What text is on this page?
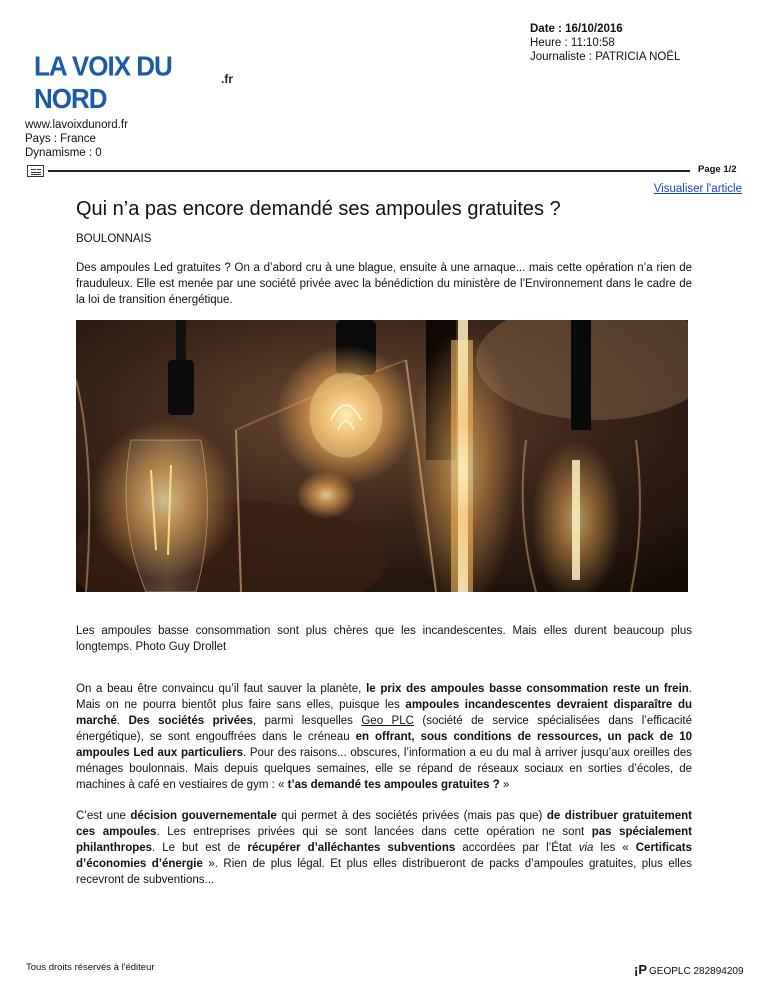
Date : 16/10/2016
Heure : 11:10:58
Journaliste : PATRICIA NOËL
LA VOIX DU NORD
.fr
www.lavoixdunord.fr
Pays : France
Dynamisme : 0
Page 1/2
Visualiser l'article
Qui n’a pas encore demandé ses ampoules gratuites ?
BOULONNAIS
Des ampoules Led gratuites ? On a d’abord cru à une blague, ensuite à une arnaque... mais cette opération n’a rien de frauduleux. Elle est menée par une société privée avec la bénédiction du ministère de l’Environnement dans le cadre de la loi de transition énergétique.
Les ampoules basse consommation sont plus chères que les incandescentes. Mais elles durent beaucoup plus longtemps. Photo Guy Drollet
On a beau être convaincu qu’il faut sauver la planète, le prix des ampoules basse consommation reste un frein. Mais on ne pourra bientôt plus faire sans elles, puisque les ampoules incandescentes devraient disparaître du marché. Des sociétés privées, parmi lesquelles Geo PLC (société de service spécialisées dans l’efficacité énergétique), se sont engouffrées dans le créneau en offrant, sous conditions de ressources, un pack de 10 ampoules Led aux particuliers. Pour des raisons... obscures, l’information a eu du mal à arriver jusqu’aux oreilles des ménages boulonnais. Mais depuis quelques semaines, elle se répand de réseaux sociaux en sorties d’écoles, de machines à café en vestiaires de gym : « t’as demandé tes ampoules gratuites ? »
C’est une décision gouvernementale qui permet à des sociétés privées (mais pas que) de distribuer gratuitement ces ampoules. Les entreprises privées qui se sont lancées dans cette opération ne sont pas spécialement philanthropes. Le but est de récupérer d’alléchantes subventions accordées par l’État via les « Certificats d’économies d’énergie ». Rien de plus légal. Et plus elles distribueront de packs d’ampoules gratuites, plus elles recevront de subventions...
Tous droits réservés à l'éditeur	¡P GEOPLC 282894209
